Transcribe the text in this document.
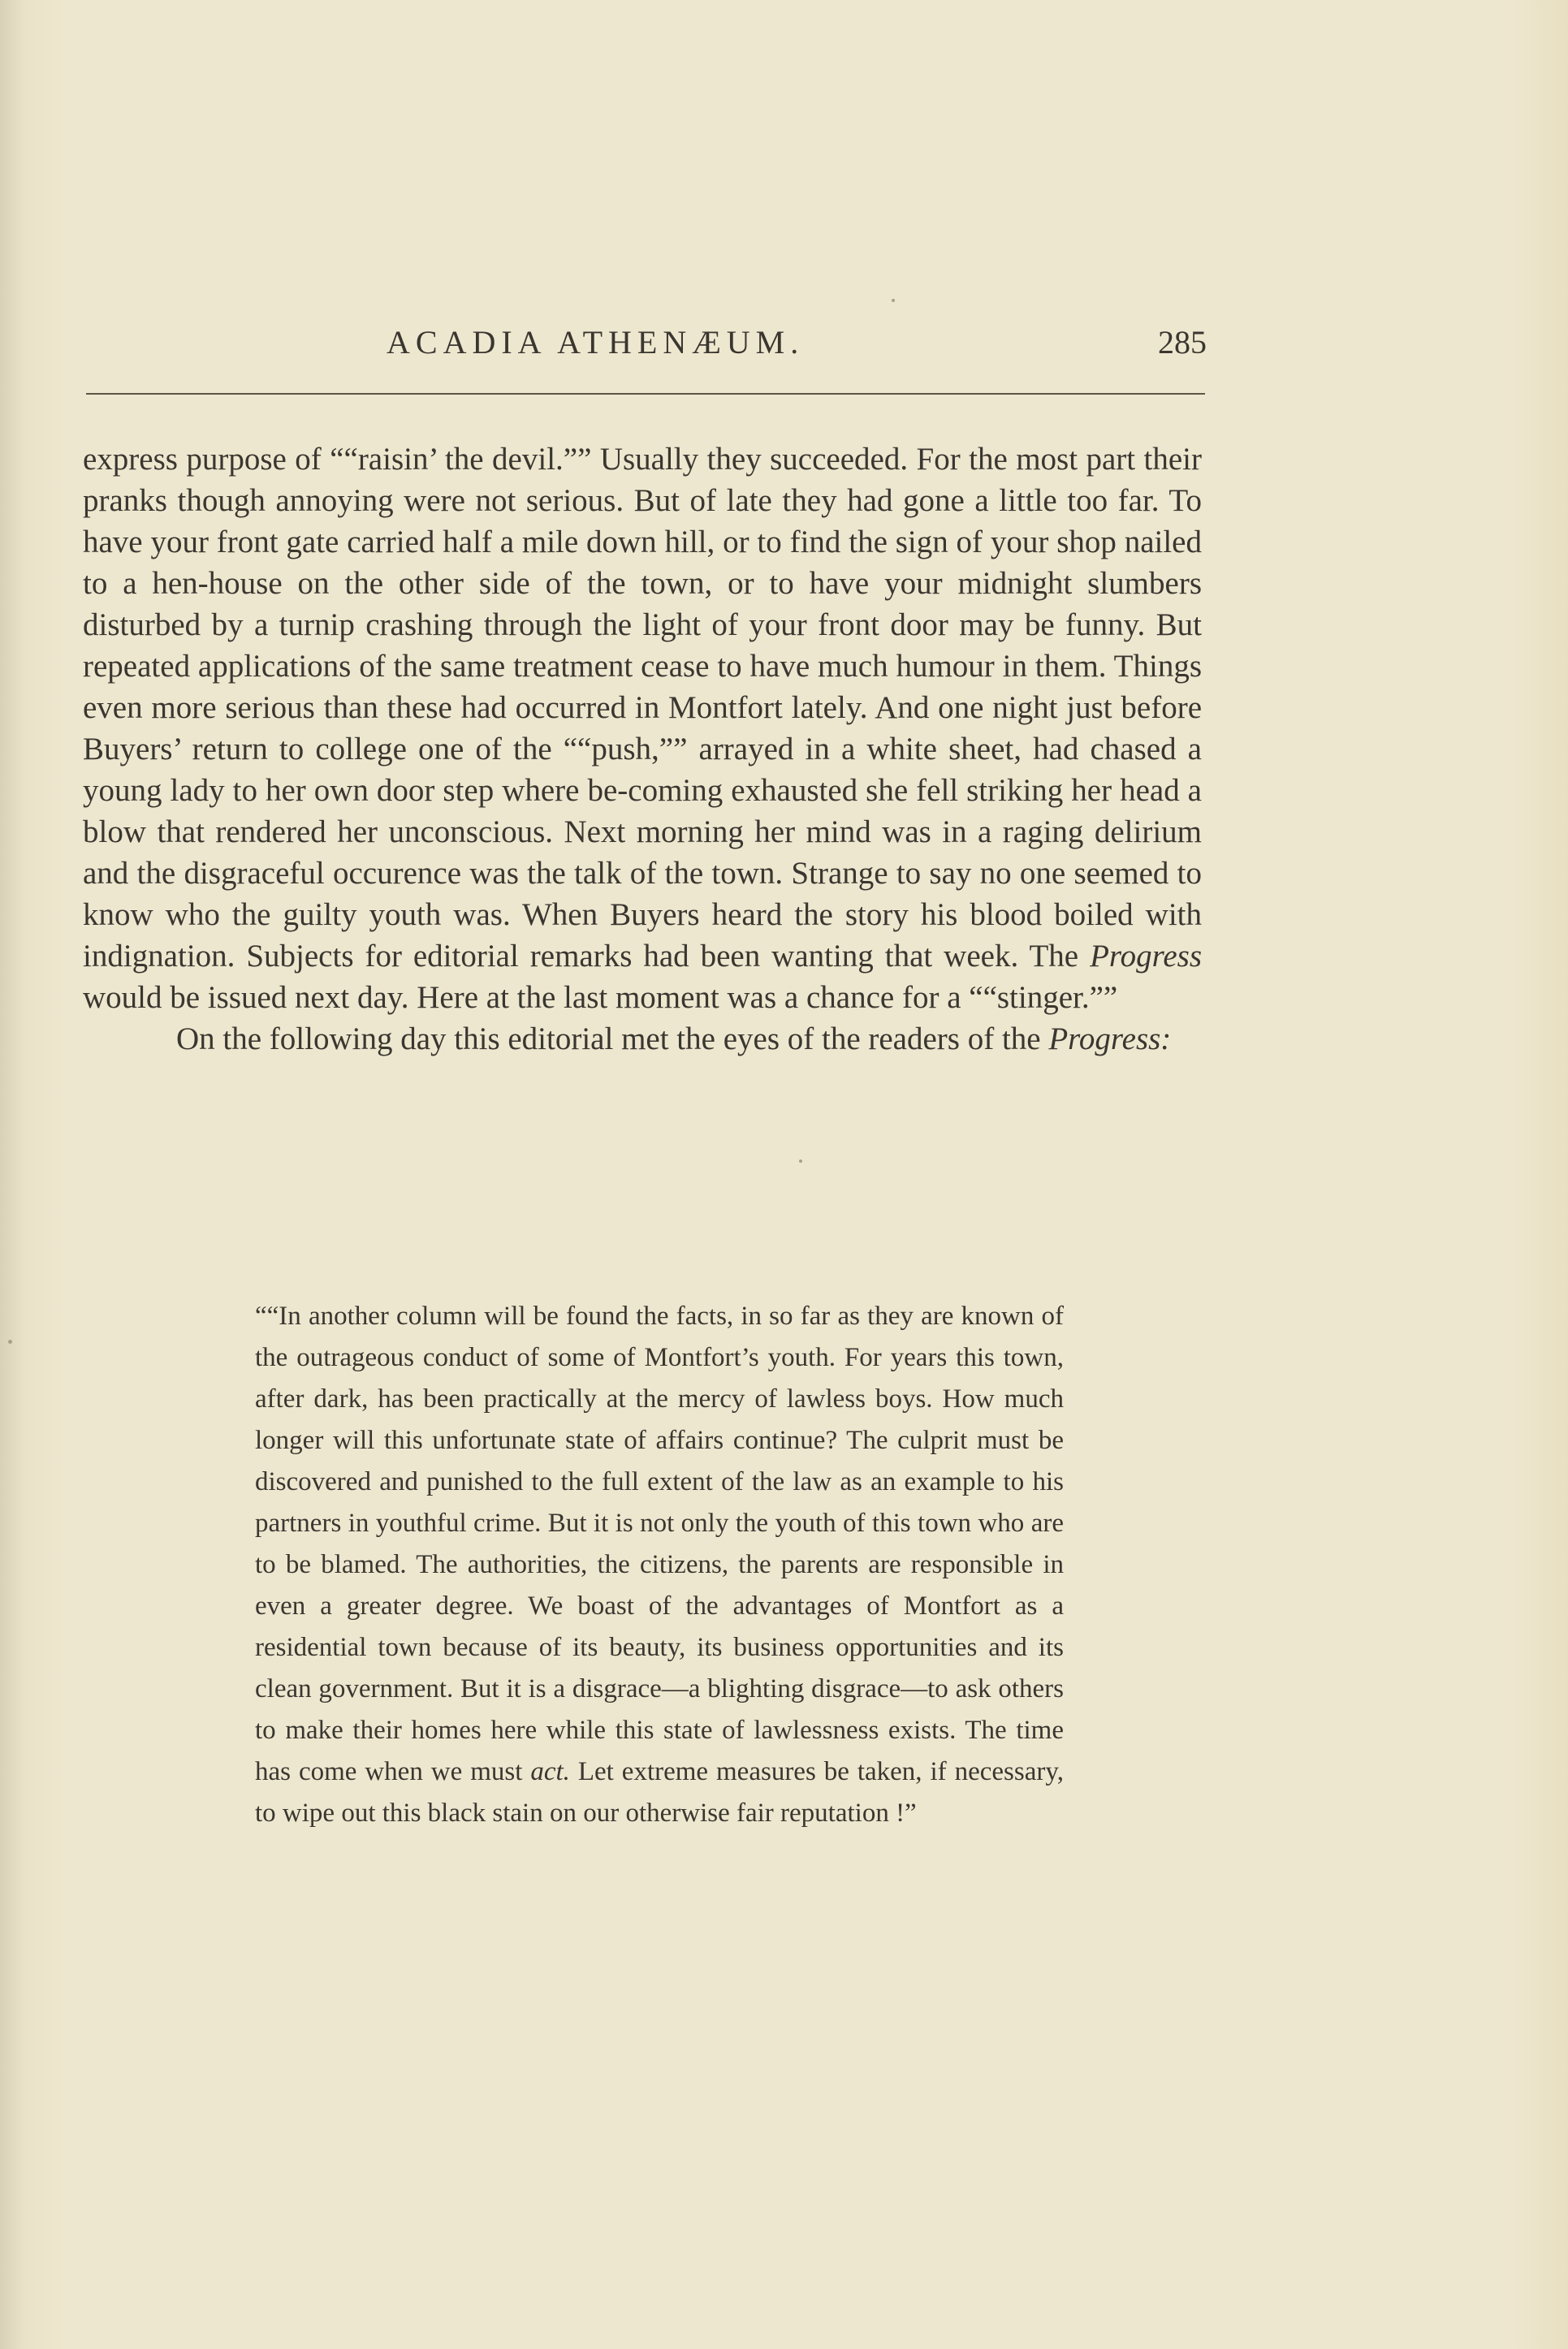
ACADIA ATHENÆUM.	285

express purpose of ““raisin’ the devil.”” Usually they succeeded. For the most part their pranks though annoying were not serious. But of late they had gone a little too far. To have your front gate carried half a mile down hill, or to find the sign of your shop nailed to a hen-house on the other side of the town, or to have your midnight slumbers disturbed by a turnip crashing through the light of your front door may be funny. But repeated applications of the same treatment cease to have much humour in them. Things even more serious than these had occurred in Montfort lately. And one night just before Buyers’ return to college one of the ““push,”” arrayed in a white sheet, had chased a young lady to her own door step where be-coming exhausted she fell striking her head a blow that rendered her unconscious. Next morning her mind was in a raging delirium and the disgraceful occurence was the talk of the town. Strange to say no one seemed to know who the guilty youth was. When Buyers heard the story his blood boiled with indignation. Subjects for editorial remarks had been wanting that week. The Progress would be issued next day. Here at the last moment was a chance for a ““stinger.””

On the following day this editorial met the eyes of the readers of the Progress:

““In another column will be found the facts, in so far as they are known of the outrageous conduct of some of Montfort’s youth. For years this town, after dark, has been practically at the mercy of lawless boys. How much longer will this unfortunate state of affairs continue? The culprit must be discovered and punished to the full extent of the law as an example to his partners in youthful crime. But it is not only the youth of this town who are to be blamed. The authorities, the citizens, the parents are responsible in even a greater degree. We boast of the advantages of Montfort as a residential town because of its beauty, its business opportunities and its clean government. But it is a disgrace—a blighting disgrace—to ask others to make their homes here while this state of lawlessness exists. The time has come when we must act. Let extreme measures be taken, if necessary, to wipe out this black stain on our otherwise fair reputation !”
